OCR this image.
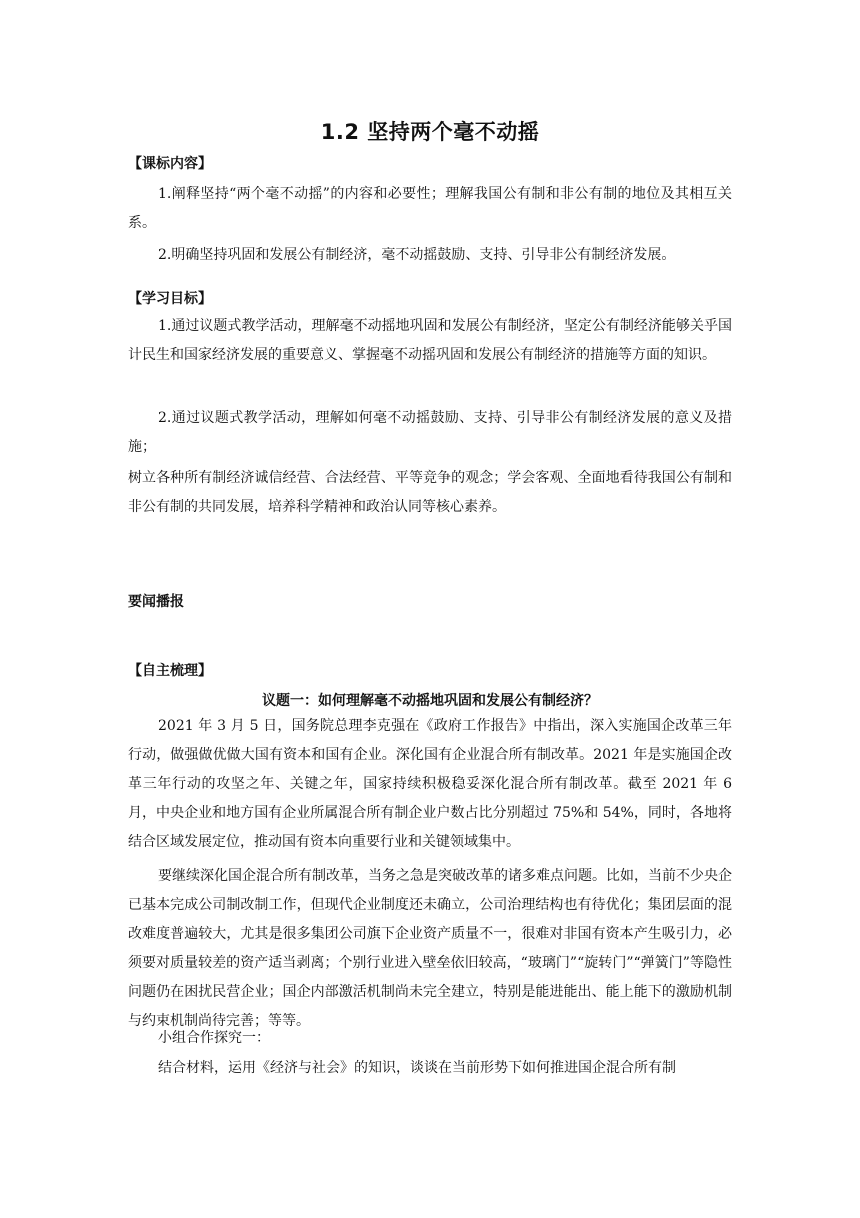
1.2 坚持两个毫不动摇
【课标内容】
1.阐释坚持“两个毫不动摇”的内容和必要性；理解我国公有制和非公有制的地位及其相互关系。
2.明确坚持巩固和发展公有制经济，毫不动摇鼓励、支持、引导非公有制经济发展。
【学习目标】
1.通过议题式教学活动，理解毫不动摇地巩固和发展公有制经济，坚定公有制经济能够关乎国计民生和国家经济发展的重要意义、掌握毫不动摇巩固和发展公有制经济的措施等方面的知识。
2.通过议题式教学活动，理解如何毫不动摇鼓励、支持、引导非公有制经济发展的意义及措施；
树立各种所有制经济诚信经营、合法经营、平等竞争的观念；学会客观、全面地看待我国公有制和非公有制的共同发展，培养科学精神和政治认同等核心素养。
要闻播报
【自主梳理】
议题一：如何理解毫不动摇地巩固和发展公有制经济？
2021 年 3 月 5 日，国务院总理李克强在《政府工作报告》中指出，深入实施国企改革三年行动，做强做优做大国有资本和国有企业。深化国有企业混合所有制改革。2021 年是实施国企改革三年行动的攻坚之年、关键之年，国家持续积极稳妥深化混合所有制改革。截至 2021 年 6 月，中央企业和地方国有企业所属混合所有制企业户数占比分别超过 75%和 54%，同时，各地将结合区域发展定位，推动国有资本向重要行业和关键领域集中。
要继续深化国企混合所有制改革，当务之急是突破改革的诸多难点问题。比如，当前不少央企已基本完成公司制改制工作，但现代企业制度还未确立，公司治理结构也有待优化；集团层面的混改难度普遍较大，尤其是很多集团公司旗下企业资产质量不一，很难对非国有资本产生吸引力，必须要对质量较差的资产适当剥离；个别行业进入壁垒依旧较高，“玻璃门”“旋转门”“弹簧门”等隐性问题仍在困扰民营企业；国企内部激活机制尚未完全建立，特别是能进能出、能上能下的激励机制与约束机制尚待完善；等等。
小组合作探究一：
结合材料，运用《经济与社会》的知识，谈谈在当前形势下如何推进国企混合所有制
